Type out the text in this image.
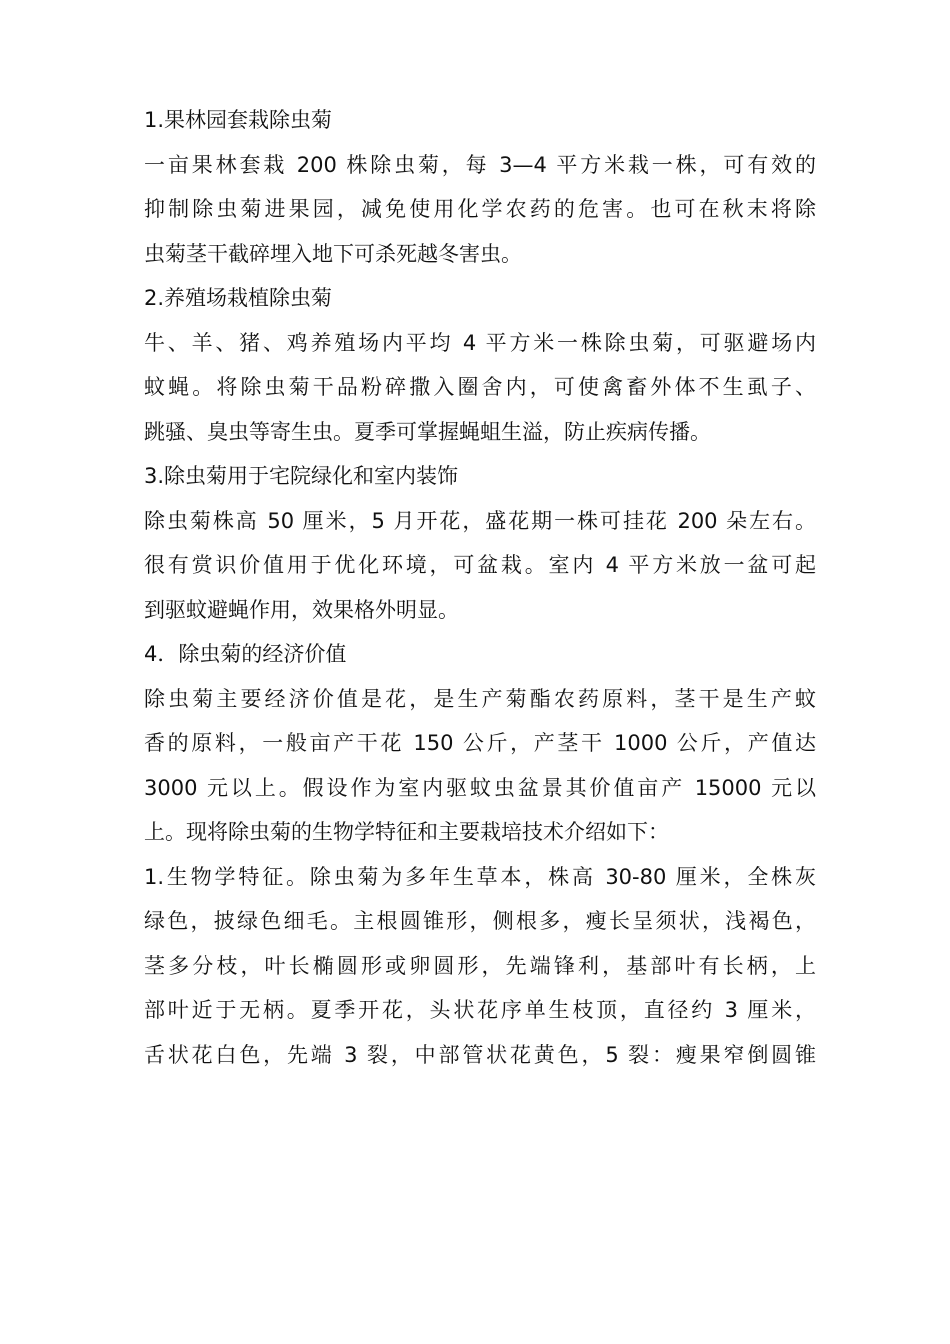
1.果林园套栽除虫菊
一亩果林套栽 200 株除虫菊，每 3—4 平方米栽一株，可有效的
抑制除虫菊进果园，减免使用化学农药的危害。也可在秋末将除
虫菊茎干截碎埋入地下可杀死越冬害虫。
2.养殖场栽植除虫菊
牛、羊、猪、鸡养殖场内平均 4 平方米一株除虫菊，可驱避场内
蚊蝇。将除虫菊干品粉碎撒入圈舍内，可使禽畜外体不生虱子、
跳骚、臭虫等寄生虫。夏季可掌握蝇蛆生溢，防止疾病传播。
3.除虫菊用于宅院绿化和室内装饰
除虫菊株高 50 厘米，5 月开花，盛花期一株可挂花 200 朵左右。
很有赏识价值用于优化环境，可盆栽。室内 4 平方米放一盆可起
到驱蚊避蝇作用，效果格外明显。
4．除虫菊的经济价值
除虫菊主要经济价值是花，是生产菊酯农药原料，茎干是生产蚊
香的原料，一般亩产干花 150 公斤，产茎干 1000 公斤，产值达
3000 元以上。假设作为室内驱蚊虫盆景其价值亩产 15000 元以
上。现将除虫菊的生物学特征和主要栽培技术介绍如下：
1.生物学特征。除虫菊为多年生草本，株高 30-80 厘米，全株灰
绿色，披绿色细毛。主根圆锥形，侧根多，瘦长呈须状，浅褐色，
茎多分枝，叶长椭圆形或卵圆形，先端锋利，基部叶有长柄，上
部叶近于无柄。夏季开花，头状花序单生枝顶，直径约 3 厘米，
舌状花白色，先端 3 裂，中部管状花黄色，5 裂：瘦果窄倒圆锥
